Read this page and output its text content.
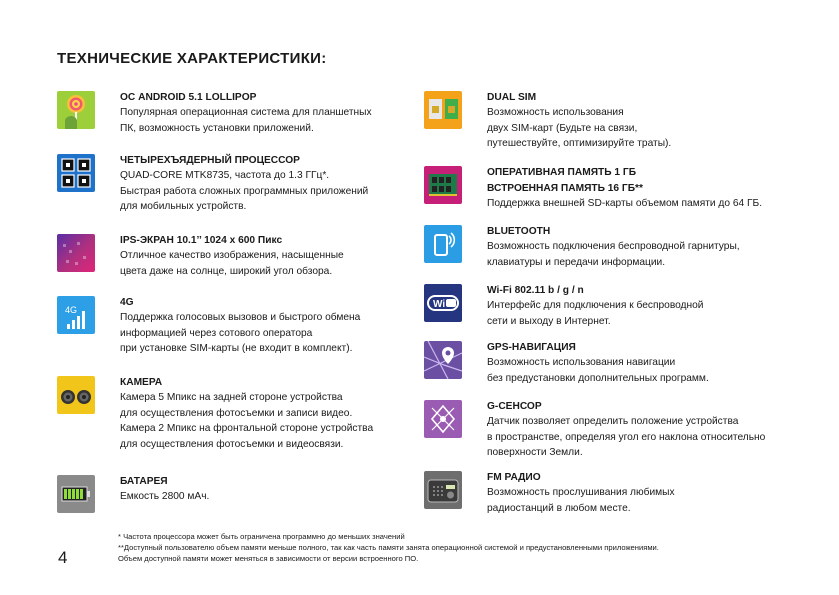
ТЕХНИЧЕСКИЕ ХАРАКТЕРИСТИКИ:
ОС ANDROID 5.1 LOLLIPOP
Популярная операционная система для планшетных
ПК, возможность установки приложений.
ЧЕТЫРЕХЪЯДЕРНЫЙ ПРОЦЕССОР
QUAD-CORE MTK8735, частота до 1.3 ГГц*.
Быстрая работа сложных программных приложений
для мобильных устройств.
IPS-ЭКРАН 10.1’’ 1024 x 600 Пикс
Отличное качество изображения, насыщенные
цвета даже на солнце, широкий угол обзора.
4G
4G
Поддержка голосовых вызовов и быстрого обмена
информацией через сотового оператора
при установке SIM-карты (не входит в комплект).
КАМЕРА
Камера 5 Мпикс на задней стороне устройства
для осуществления фотосъемки и записи видео.
Камера 2 Мпикс на фронтальной стороне устройства
для осуществления фотосъемки и видеосвязи.
БАТАРЕЯ
Емкость 2800 мАч.
DUAL SIM
Возможность использования
двух SIM-карт (Будьте на связи,
путешествуйте, оптимизируйте траты).
ОПЕРАТИВНАЯ ПАМЯТЬ 1 ГБ
ВСТРОЕННАЯ ПАМЯТЬ 16 ГБ**
Поддержка внешней SD-карты объемом памяти до 64 ГБ.
BLUETOOTH
Возможность подключения беспроводной гарнитуры,
клавиатуры и передачи информации.
Wi
Wi-Fi 802.11 b / g / n
Интерфейс для подключения к беспроводной
сети и выходу в Интернет.
GPS-НАВИГАЦИЯ
Возможность использования навигации
без предустановки дополнительных программ.
G-СЕНСОР
Датчик позволяет определить положение устройства
в пространстве, определяя угол его наклона относительно
поверхности Земли.
FM РАДИО
Возможность прослушивания любимых
радиостанций в любом месте.
* Частота процессора может быть ограничена программно до меньших значений
**Доступный пользователю объем памяти меньше полного, так как часть памяти занята операционной системой и предустановленными приложениями.
Объем доступной памяти может меняться в зависимости от версии встроенного ПО.
4
